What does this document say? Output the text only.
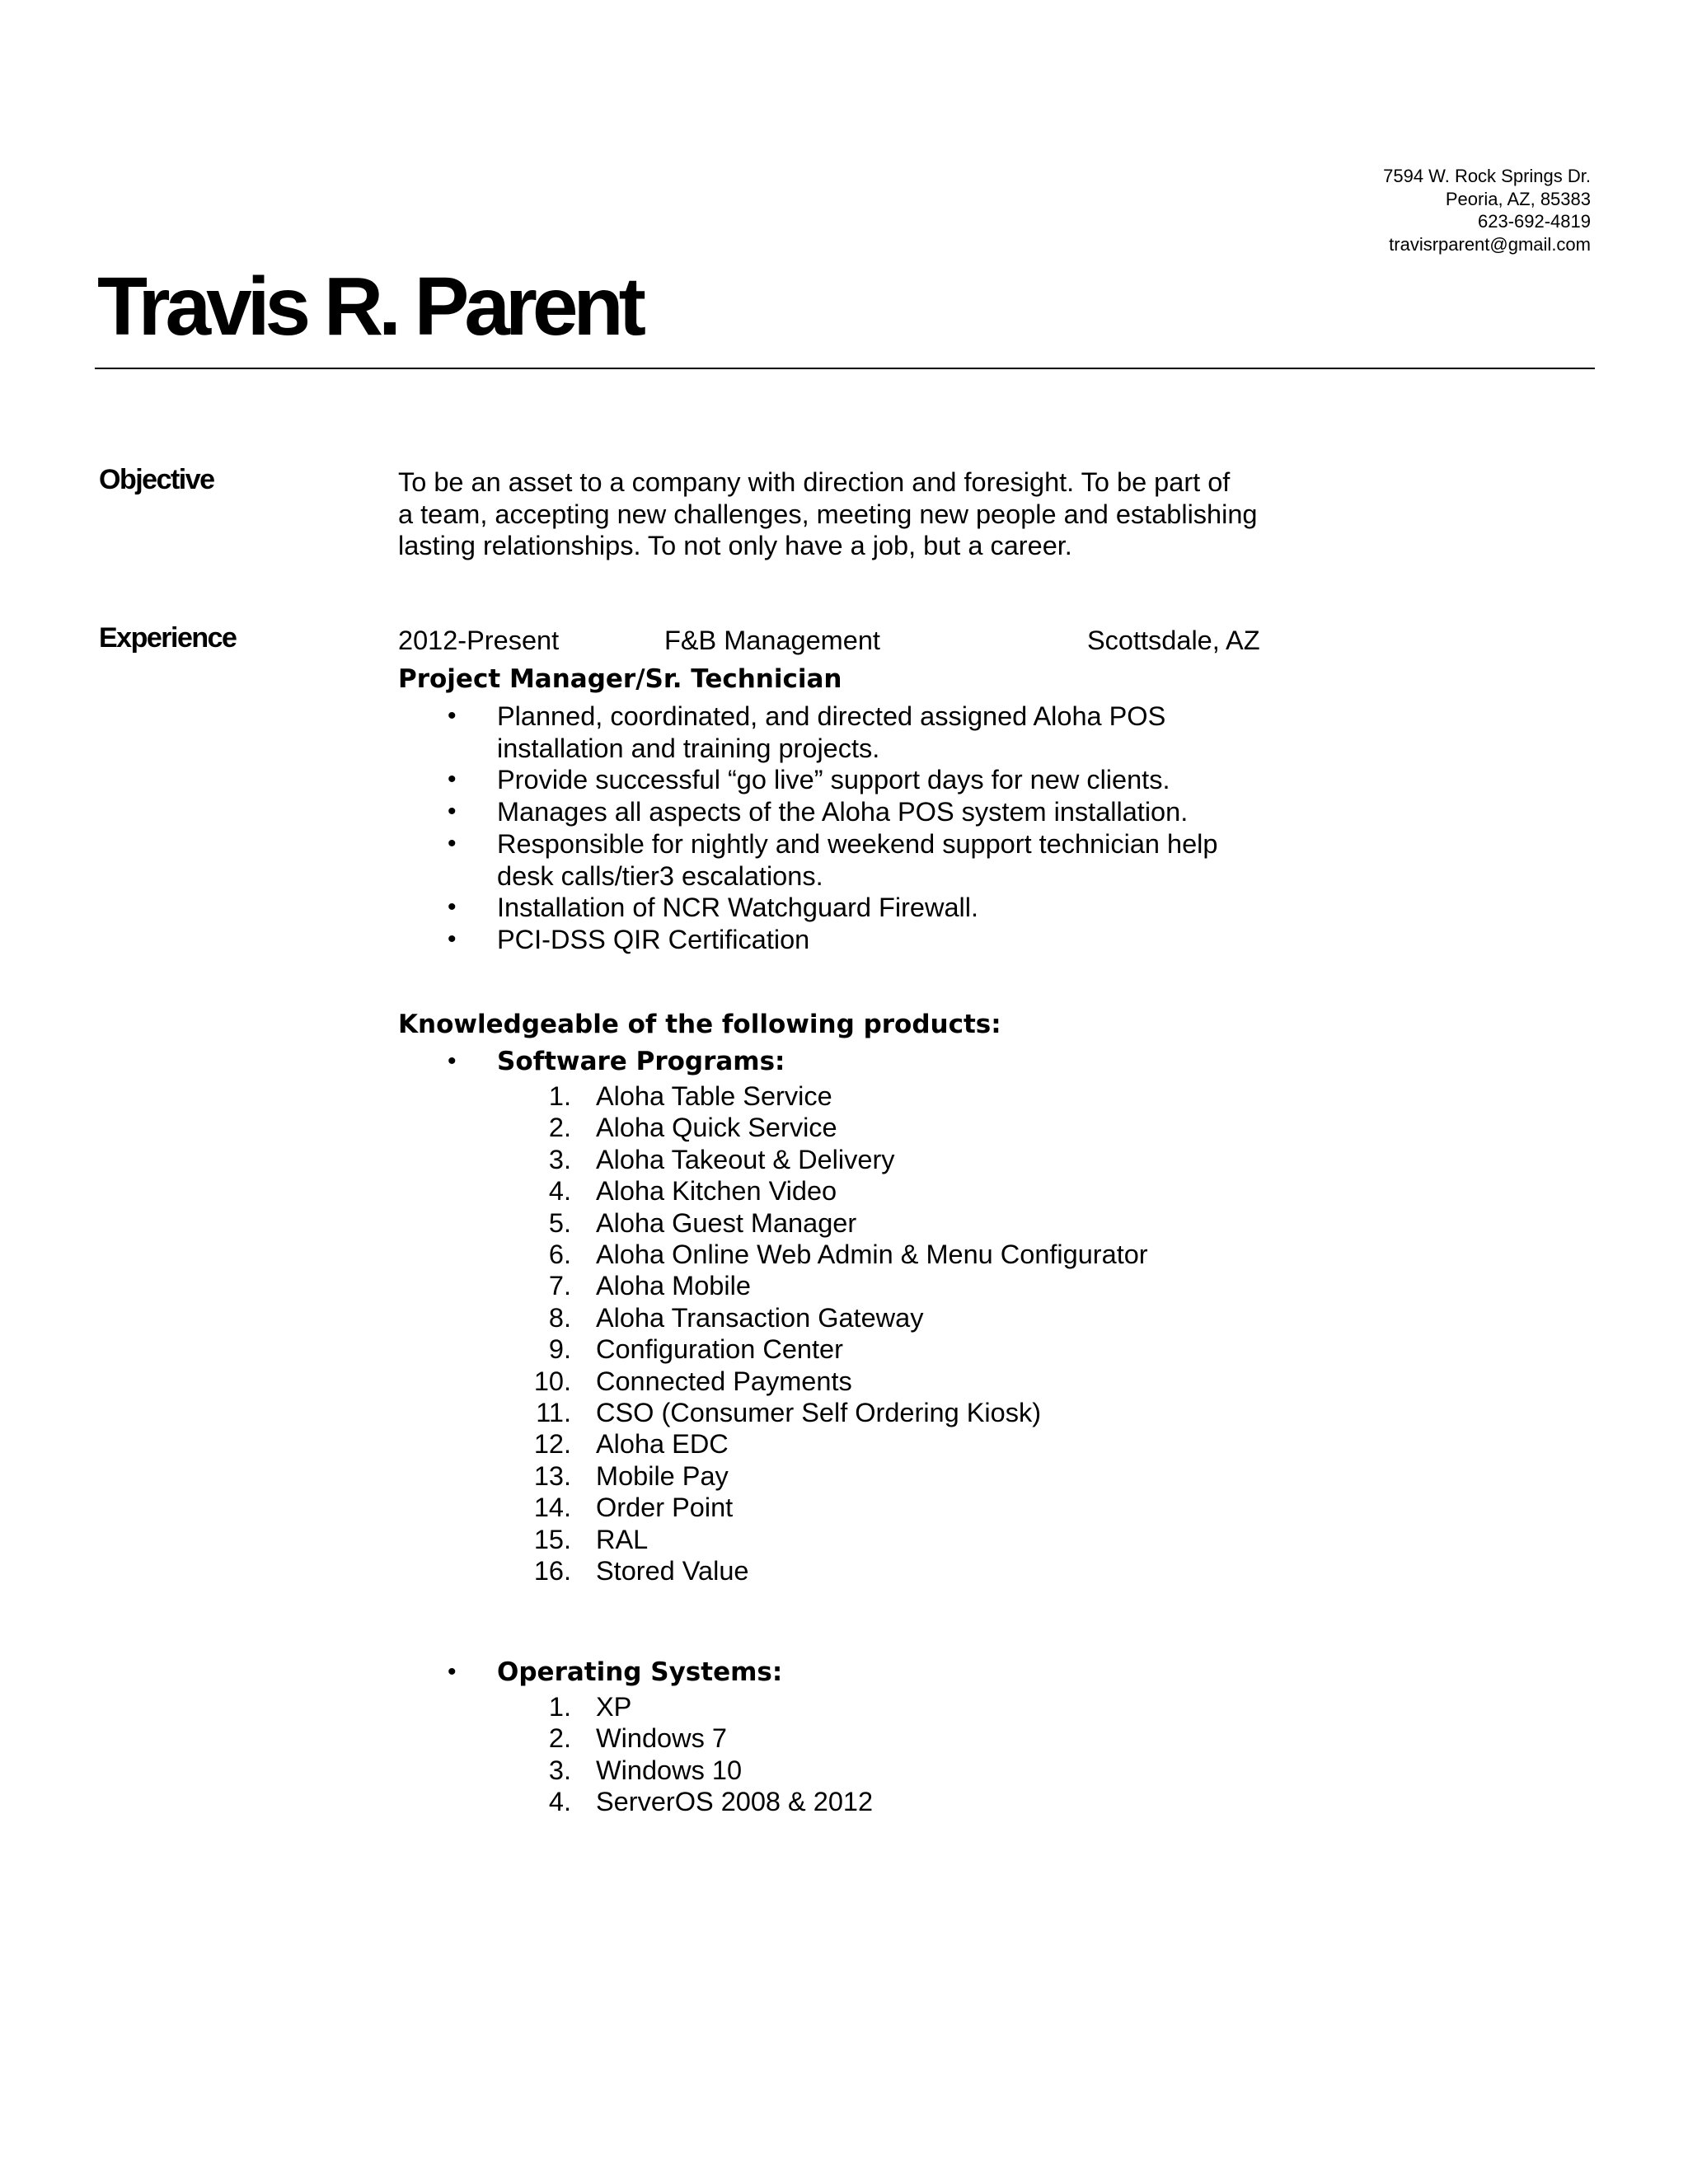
7594 W. Rock Springs Dr.
Peoria, AZ, 85383
623-692-4819
travisrparent@gmail.com
Travis R. Parent
Objective	To be an asset to a company with direction and foresight. To be part of
a team, accepting new challenges, meeting new people and establishing
lasting relationships. To not only have a job, but a career.
Experience	2012-Present	F&B Management	Scottsdale, AZ
Project Manager/Sr. Technician
• Planned, coordinated, and directed assigned Aloha POS
installation and training projects.
• Provide successful “go live” support days for new clients.
• Manages all aspects of the Aloha POS system installation.
• Responsible for nightly and weekend support technician help
desk calls/tier3 escalations.
• Installation of NCR Watchguard Firewall.
• PCI-DSS QIR Certification
Knowledgeable of the following products:
• Software Programs:
1. Aloha Table Service
2. Aloha Quick Service
3. Aloha Takeout & Delivery
4. Aloha Kitchen Video
5. Aloha Guest Manager
6. Aloha Online Web Admin & Menu Configurator
7. Aloha Mobile
8. Aloha Transaction Gateway
9. Configuration Center
10. Connected Payments
11. CSO (Consumer Self Ordering Kiosk)
12. Aloha EDC
13. Mobile Pay
14. Order Point
15. RAL
16. Stored Value
• Operating Systems:
1. XP
2. Windows 7
3. Windows 10
4. ServerOS 2008 & 2012
